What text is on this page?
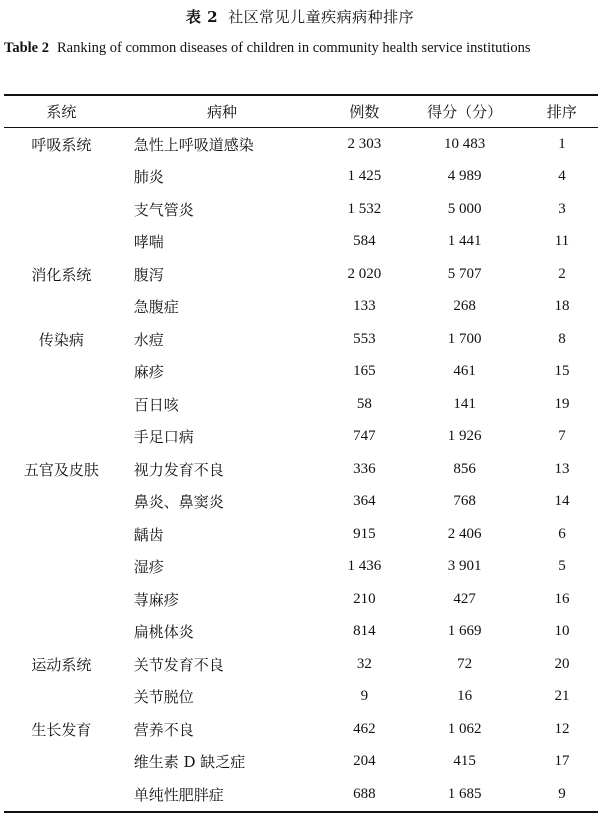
表 2 社区常见儿童疾病病种排序
Table 2 Ranking of common diseases of children in community health service institutions
系统	病种	例数	得分（分）	排序
呼吸系统	急性上呼吸道感染	2 303	10 483	1
	肺炎	1 425	4 989	4
	支气管炎	1 532	5 000	3
	哮喘	584	1 441	11
消化系统	腹泻	2 020	5 707	2
	急腹症	133	268	18
传染病	水痘	553	1 700	8
	麻疹	165	461	15
	百日咳	58	141	19
	手足口病	747	1 926	7
五官及皮肤	视力发育不良	336	856	13
	鼻炎、鼻窦炎	364	768	14
	龋齿	915	2 406	6
	湿疹	1 436	3 901	5
	荨麻疹	210	427	16
	扁桃体炎	814	1 669	10
运动系统	关节发育不良	32	72	20
	关节脱位	9	16	21
生长发育	营养不良	462	1 062	12
	维生素 D 缺乏症	204	415	17
	单纯性肥胖症	688	1 685	9
